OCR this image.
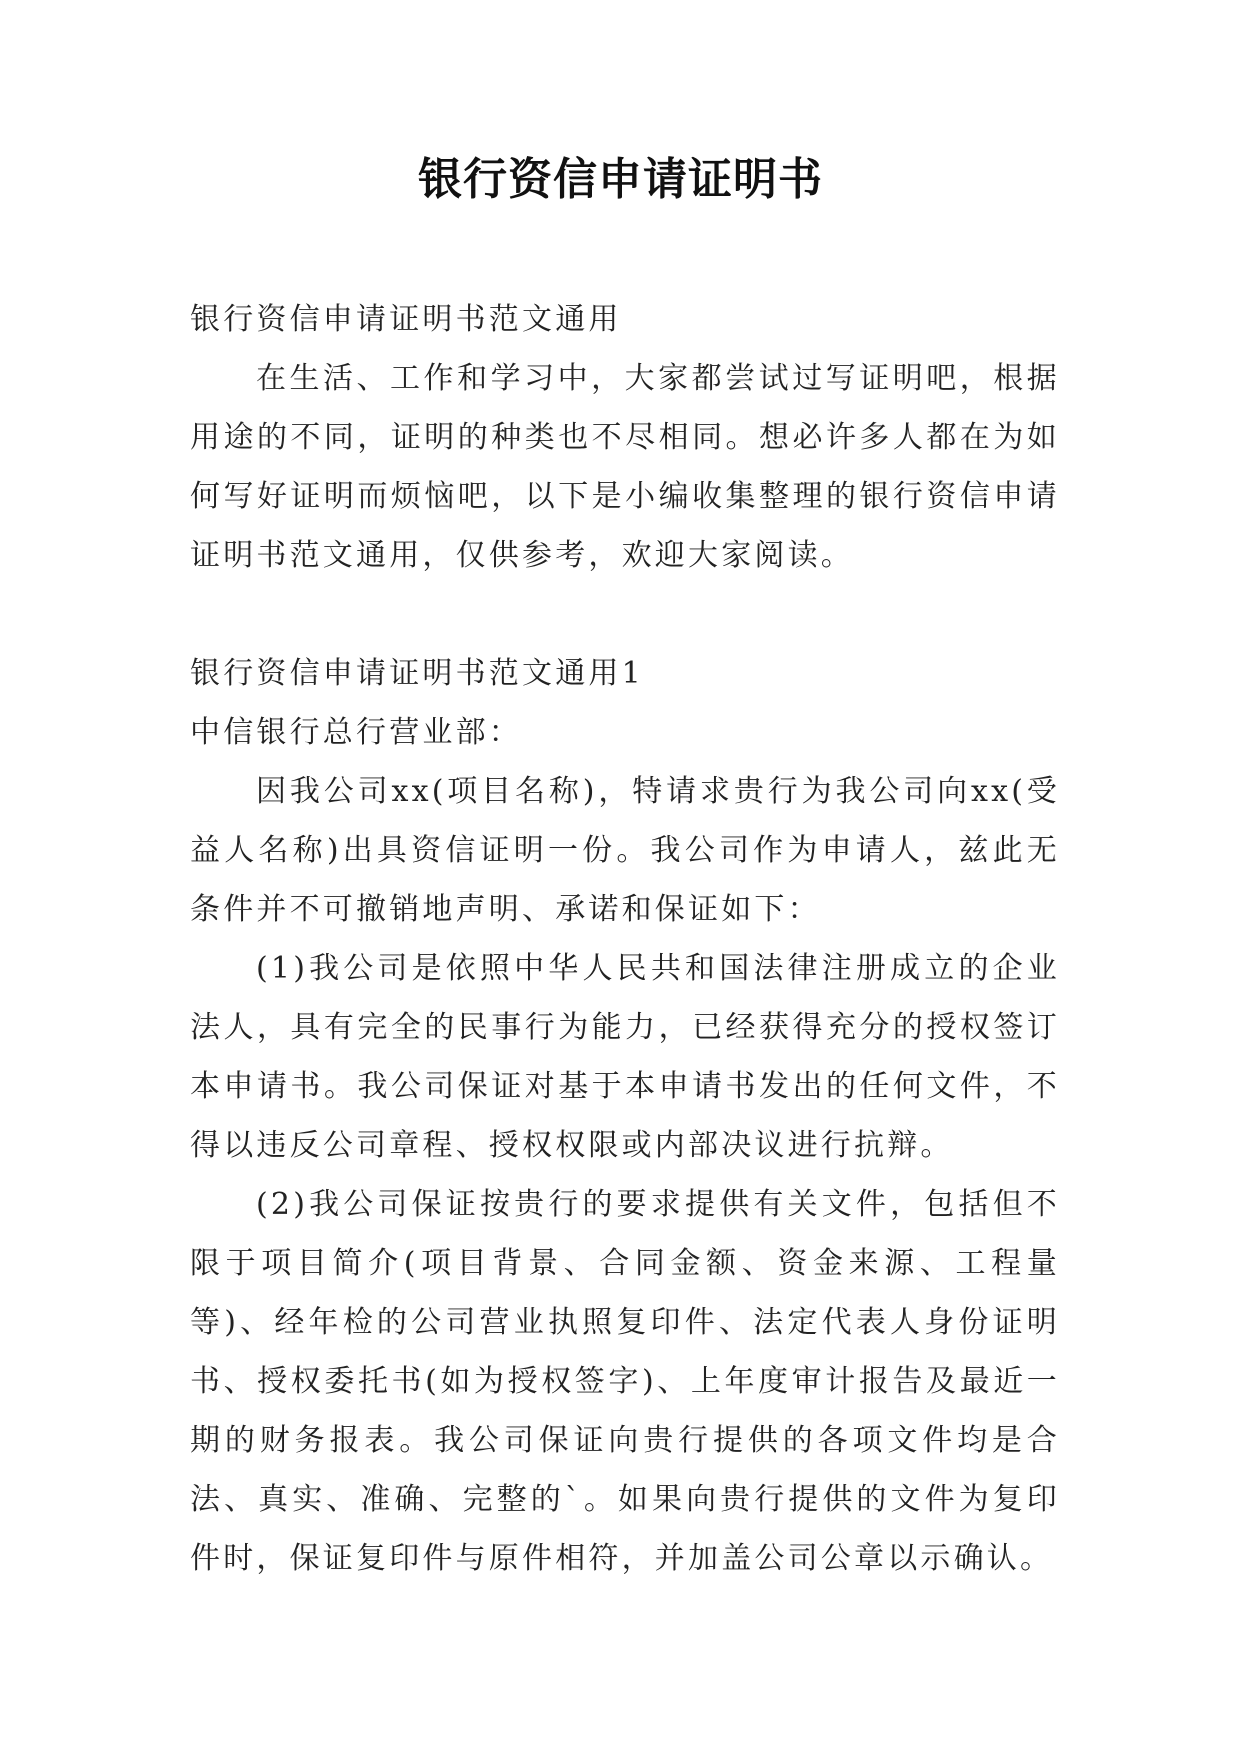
银行资信申请证明书

银行资信申请证明书范文通用

在生活、工作和学习中，大家都尝试过写证明吧，根据用途的不同，证明的种类也不尽相同。想必许多人都在为如何写好证明而烦恼吧，以下是小编收集整理的银行资信申请证明书范文通用，仅供参考，欢迎大家阅读。

银行资信申请证明书范文通用1

中信银行总行营业部：

因我公司xx(项目名称)，特请求贵行为我公司向xx(受益人名称)出具资信证明一份。我公司作为申请人，兹此无条件并不可撤销地声明、承诺和保证如下：

(1)我公司是依照中华人民共和国法律注册成立的企业法人，具有完全的民事行为能力，已经获得充分的授权签订本申请书。我公司保证对基于本申请书发出的任何文件，不得以违反公司章程、授权权限或内部决议进行抗辩。

(2)我公司保证按贵行的要求提供有关文件，包括但不限于项目简介(项目背景、合同金额、资金来源、工程量等)、经年检的公司营业执照复印件、法定代表人身份证明书、授权委托书(如为授权签字)、上年度审计报告及最近一期的财务报表。我公司保证向贵行提供的各项文件均是合法、真实、准确、完整的`。如果向贵行提供的文件为复印件时，保证复印件与原件相符，并加盖公司公章以示确认。
